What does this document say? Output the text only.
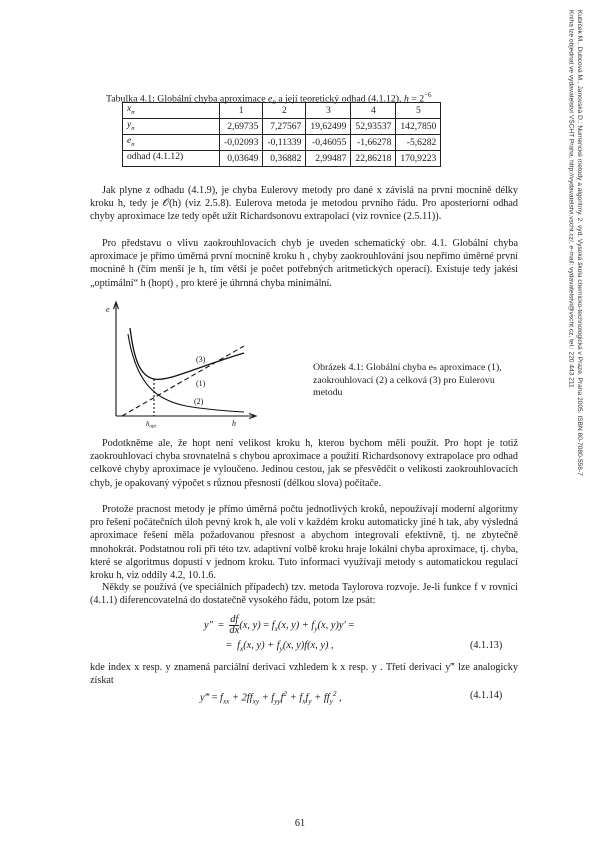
Kubíček M., Dubcová M., Janovská D.: Numerické metody a algoritmy. 2. vyd. Vysoká škola chemicko-technologická v Praze, Praha 2005. ISBN 80-7080-558-7
Kniha lze objednat ve vydavatelství VŠCHT Praha, http://vydavatelstvi.vscht.cz/, e-mail: vydavatelstvi@vscht.cz, tel.: 220 443 211
Tabulka 4.1: Globální chyba aproximace $e_n$ a její teoretický odhad (4.1.12), $h = 2^{-6}$
$x_n$	1	2	3	4	5
$y_n$	2,69735	7,27567	19,62499	52,93537	142,7850
$e_n$	-0,02093	-0,11339	-0,46055	-1,66278	-5,6282
odhad (4.1.12)	0,03649	0,36882	2,99487	22,86218	170,9223
Jak plyne z odhadu (4.1.9), je chyba Eulerovy metody pro dané x závislá na první mocnině délky kroku h, tedy je 𝒪(h) (viz 2.5.8). Eulerova metoda je metodou prvního řádu. Pro aposteriorní odhad chyby aproximace lze tedy opět užít Richardsonovu extrapolaci (viz rovnice (2.5.11)).
Pro představu o vlivu zaokrouhlovacích chyb je uveden schematický obr. 4.1. Globální chyba aproximace je přímo úměrná první mocnině kroku h , chyby zaokrouhlování jsou nepřímo úměrné první mocnině h (čím menší je h, tím větší je počet potřebných aritmetických operací). Existuje tedy jakési „optimální“ h (hopt) , pro které je úhrnná chyba minimální.
e
(3)
(1)
(2)
$h_{opt}$	h
Obrázek 4.1: Globální chyba eₙ aproximace (1), zaokrouhlovací (2) a celková (3) pro Eulerovu metodu
Podotkněme ale, že hopt není velikost kroku h, kterou bychom měli použít. Pro hopt je totiž zaokrouhlovací chyba srovnatelná s chybou aproximace a použití Richardsonovy extrapolace pro odhad celkové chyby aproximace je vyloučeno. Jedinou cestou, jak se přesvědčit o velikosti zaokrouhlovacích chyb, je opakovaný výpočet s různou přesností (délkou slova) počítače.
Protože pracnost metody je přímo úměrná počtu jednotlivých kroků, nepoužívají moderní algoritmy pro řešení počátečních úloh pevný krok h, ale volí v každém kroku automaticky jiné h tak, aby výsledná aproximace řešení měla požadovanou přesnost a abychom integrovali efektivně, tj. ne zbytečně mnohokrát. Podstatnou roli při této tzv. adaptivní volbě kroku hraje lokální chyba aproximace, tj. chyba, které se algoritmus dopustí v jednom kroku. Tuto informaci využívají metody s automatickou regulací kroku h, viz oddíly 4.2, 10.1.6.
Někdy se používá (ve speciálních případech) tzv. metoda Taylorova rozvoje. Je-li funkce f v rovnici (4.1.1) diferencovatelná do dostatečně vysokého řádu, potom lze psát:
$y'' = \frac{df}{dx} (x$, $y) = f_x(x$, $y) + f_y(x$, y)y′ =
=  $f_x(x$, $y) + f_y(x$, y)f(x, y) ,	(4.1.13)
kde index x resp. y znamená parciální derivaci vzhledem k x resp. y . Třetí derivaci y‴ lze analogicky získat
y‴ = $f_{xx} + 2ff_{xy} + f_{yy}f^2 + f_xf_y + ff_y^2$ ,	(4.1.14)
61
